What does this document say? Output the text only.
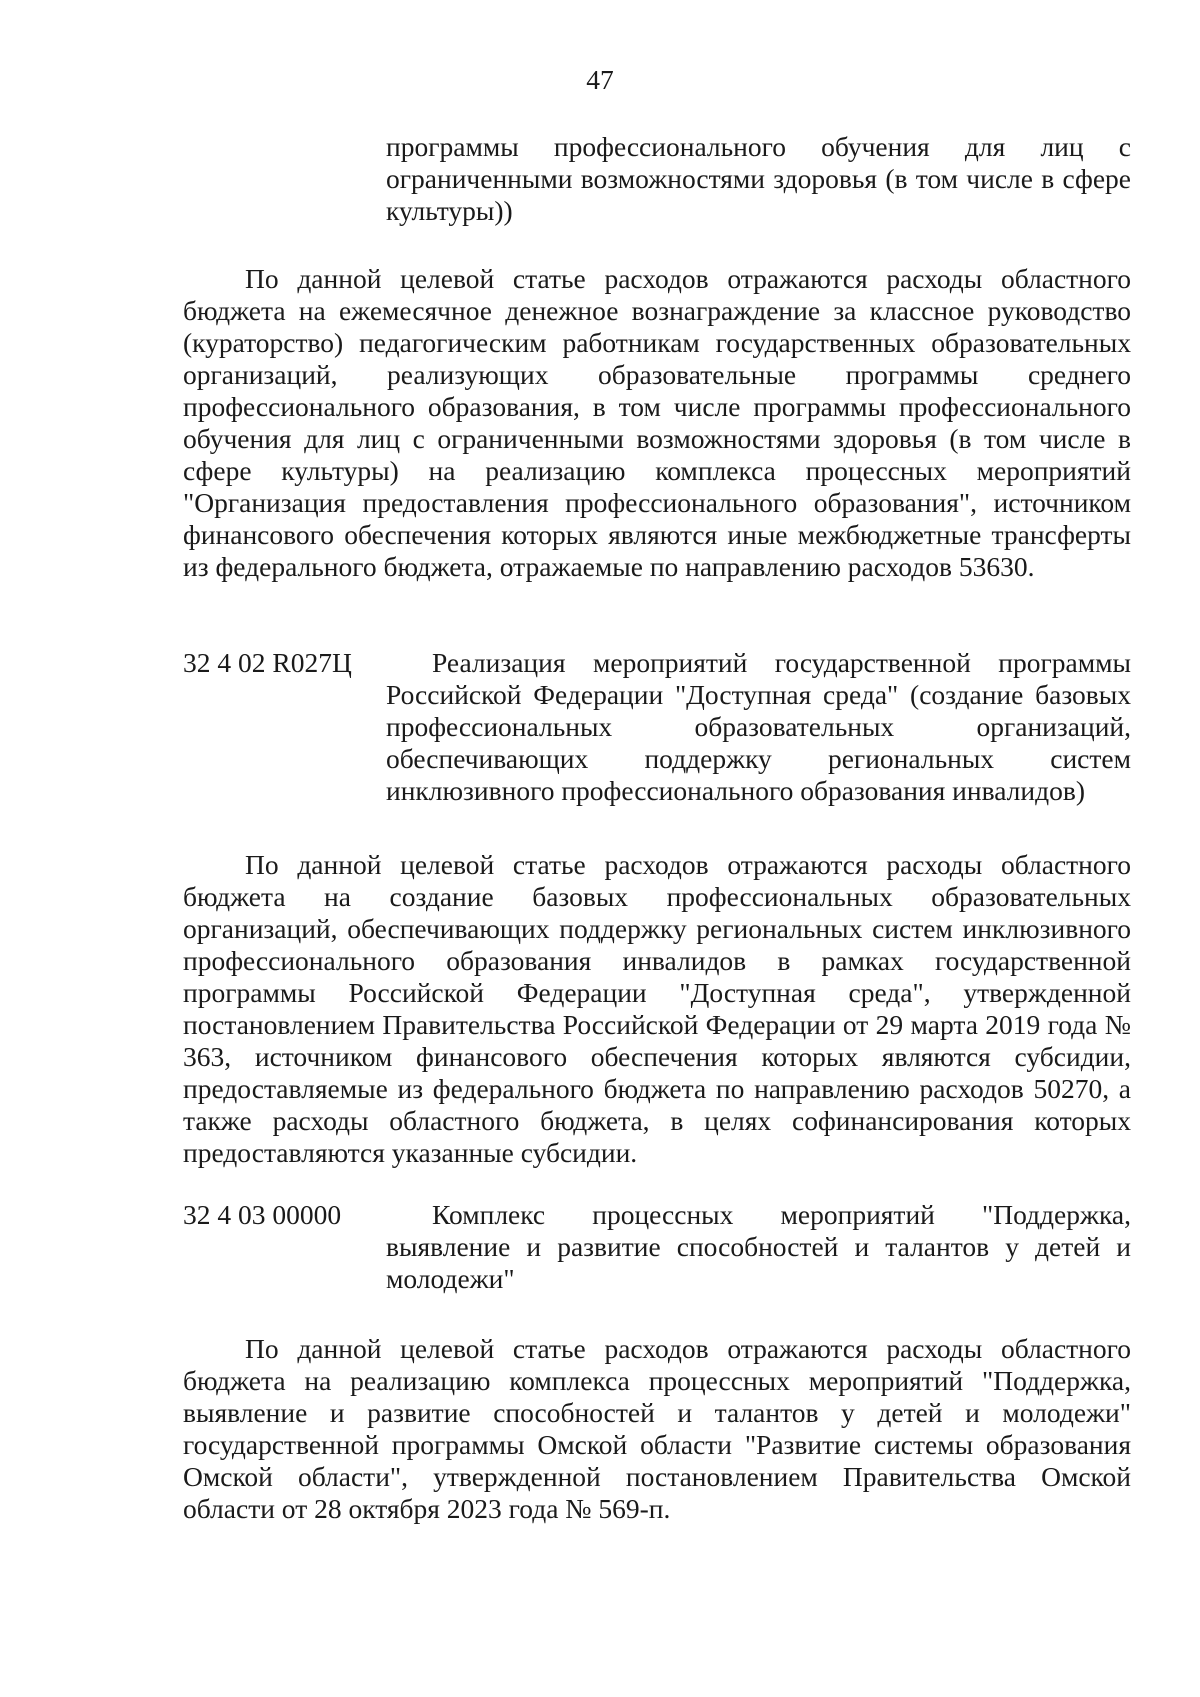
47

программы профессионального обучения для лиц с ограниченными возможностями здоровья (в том числе в сфере культуры))

По данной целевой статье расходов отражаются расходы областного бюджета на ежемесячное денежное вознаграждение за классное руководство (кураторство) педагогическим работникам государственных образовательных организаций, реализующих образовательные программы среднего профессионального образования, в том числе программы профессионального обучения для лиц с ограниченными возможностями здоровья (в том числе в сфере культуры) на реализацию комплекса процессных мероприятий "Организация предоставления профессионального образования", источником финансового обеспечения которых являются иные межбюджетные трансферты из федерального бюджета, отражаемые по направлению расходов 53630.

32 4 02 R027Ц	Реализация мероприятий государственной программы Российской Федерации "Доступная среда" (создание базовых профессиональных образовательных организаций, обеспечивающих поддержку региональных систем инклюзивного профессионального образования инвалидов)

По данной целевой статье расходов отражаются расходы областного бюджета на создание базовых профессиональных образовательных организаций, обеспечивающих поддержку региональных систем инклюзивного профессионального образования инвалидов в рамках государственной программы Российской Федерации "Доступная среда", утвержденной постановлением Правительства Российской Федерации от 29 марта 2019 года № 363, источником финансового обеспечения которых являются субсидии, предоставляемые из федерального бюджета по направлению расходов 50270, а также расходы областного бюджета, в целях софинансирования которых предоставляются указанные субсидии.

32 4 03 00000	Комплекс процессных мероприятий "Поддержка, выявление и развитие способностей и талантов у детей и молодежи"

По данной целевой статье расходов отражаются расходы областного бюджета на реализацию комплекса процессных мероприятий "Поддержка, выявление и развитие способностей и талантов у детей и молодежи" государственной программы Омской области "Развитие системы образования Омской области", утвержденной постановлением Правительства Омской области от 28 октября 2023 года № 569-п.
